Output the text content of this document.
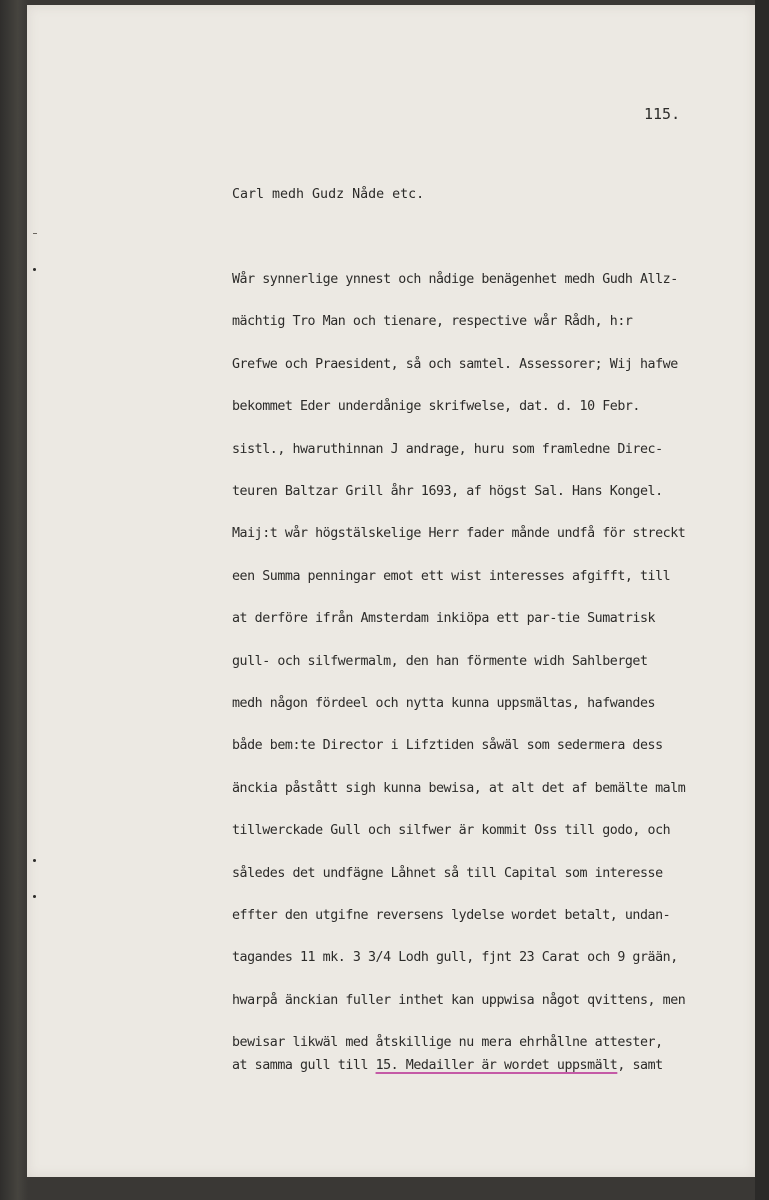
115.
Carl medh Gudz Nåde etc.
Wår synnerlige ynnest och nådige benägenhet medh Gudh Allz-
mächtig Tro Man och tienare, respective wår Rådh, h:r
Grefwe och Praesident, så och samtel. Assessorer; Wij hafwe
bekommet Eder underdånige skrifwelse, dat. d. 10 Febr.
sistl., hwaruthinnan J andrage, huru som framledne Direc-
teuren Baltzar Grill åhr 1693, af högst Sal. Hans Kongel.
Maij:t wår högstälskelige Herr fader månde undfå för streckt
een Summa penningar emot ett wist interesses afgifft, till
at derföre ifrån Amsterdam inkiöpa ett par-tie Sumatrisk
gull- och silfwermalm, den han förmente widh Sahlberget
medh någon fördeel och nytta kunna uppsmältas, hafwandes
både bem:te Director i Lifztiden såwäl som sedermera dess
änckia påstått sigh kunna bewisa, at alt det af bemälte malm
tillwerckade Gull och silfwer är kommit Oss till godo, och
således det undfägne Låhnet så till Capital som interesse
effter den utgifne reversens lydelse wordet betalt, undan-
tagandes 11 mk. 3 3/4 Lodh gull, fjnt 23 Carat och 9 grään,
hwarpå änckian fuller inthet kan uppwisa något qvittens, men
bewisar likwäl med åtskillige nu mera ehrhållne attester,
at samma gull till 15. Medailler är wordet uppsmält, samt
